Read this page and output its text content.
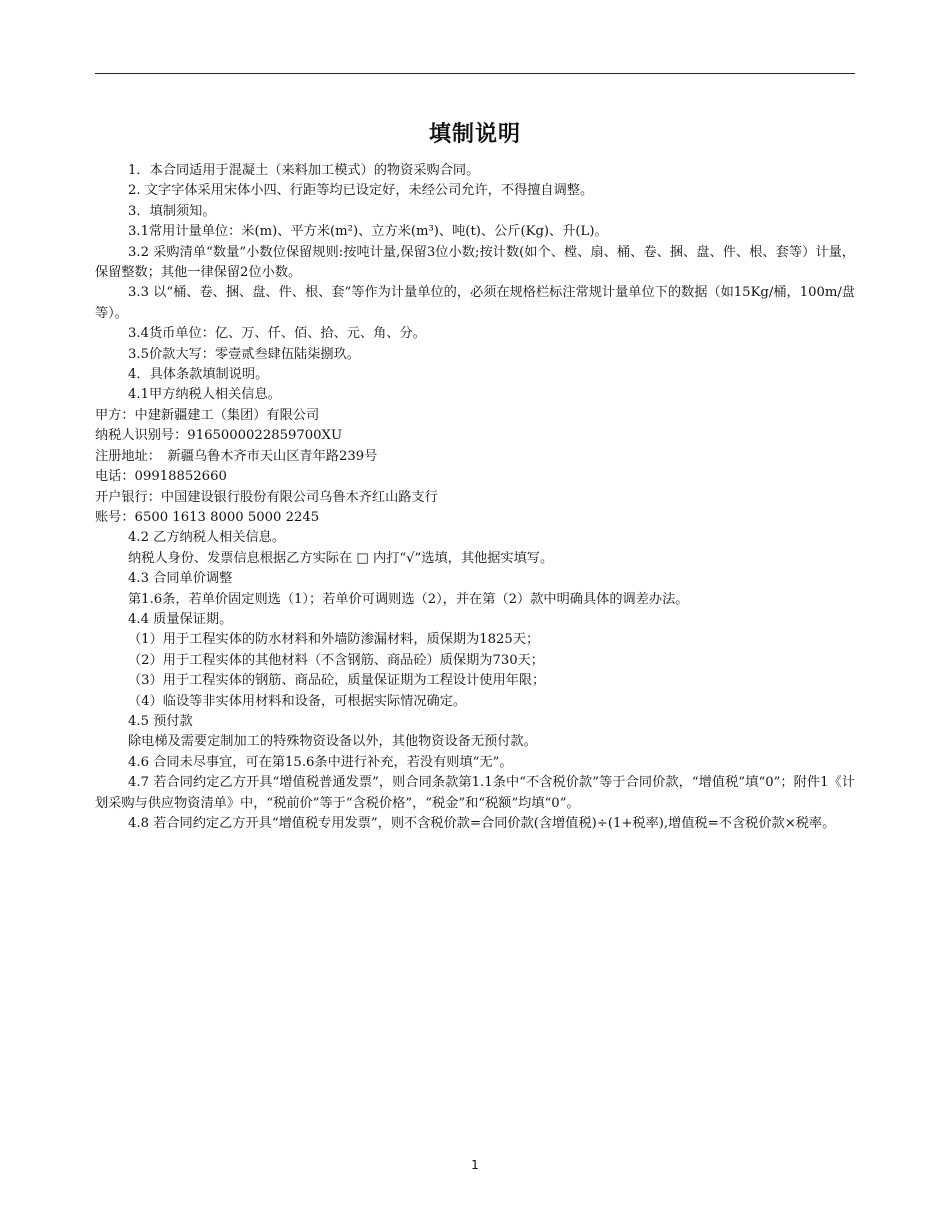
填制说明

1．本合同适用于混凝土（来料加工模式）的物资采购合同。

2. 文字字体采用宋体小四、行距等均已设定好，未经公司允许，不得擅自调整。

3．填制须知。

3.1常用计量单位：米(m)、平方米(m²)、立方米(m³)、吨(t)、公斤(Kg)、升(L)。

3.2 采购清单“数量”小数位保留规则:按吨计量,保留3位小数;按计数(如个、樘、扇、桶、卷、捆、盘、件、根、套等）计量，保留整数；其他一律保留2位小数。

3.3 以“桶、卷、捆、盘、件、根、套”等作为计量单位的，必须在规格栏标注常规计量单位下的数据（如15Kg/桶，100m/盘等）。

3.4货币单位：亿、万、仟、佰、拾、元、角、分。

3.5价款大写：零壹贰叁肆伍陆柒捌玖。

4．具体条款填制说明。

4.1甲方纳税人相关信息。

甲方：中建新疆建工（集团）有限公司

纳税人识别号：9165000022859700XU

注册地址：　新疆乌鲁木齐市天山区青年路239号

电话：09918852660

开户银行：中国建设银行股份有限公司乌鲁木齐红山路支行

账号：6500 1613 8000 5000 2245

4.2 乙方纳税人相关信息。

纳税人身份、发票信息根据乙方实际在 □ 内打“√”选填，其他据实填写。

4.3 合同单价调整

第1.6条，若单价固定则选（1）；若单价可调则选（2），并在第（2）款中明确具体的调差办法。

4.4 质量保证期。

（1）用于工程实体的防水材料和外墙防渗漏材料，质保期为1825天；

（2）用于工程实体的其他材料（不含钢筋、商品砼）质保期为730天；

（3）用于工程实体的钢筋、商品砼，质量保证期为工程设计使用年限；

（4）临设等非实体用材料和设备，可根据实际情况确定。

4.5 预付款

除电梯及需要定制加工的特殊物资设备以外，其他物资设备无预付款。

4.6 合同未尽事宜，可在第15.6条中进行补充，若没有则填“无”。

4.7 若合同约定乙方开具“增值税普通发票”，则合同条款第1.1条中“不含税价款”等于合同价款，“增值税”填“0”；附件1《计划采购与供应物资清单》中，“税前价”等于“含税价格”，“税金”和“税额”均填“0”。

4.8 若合同约定乙方开具“增值税专用发票”，则不含税价款=合同价款(含增值税)÷(1+税率),增值税=不含税价款×税率。

1
